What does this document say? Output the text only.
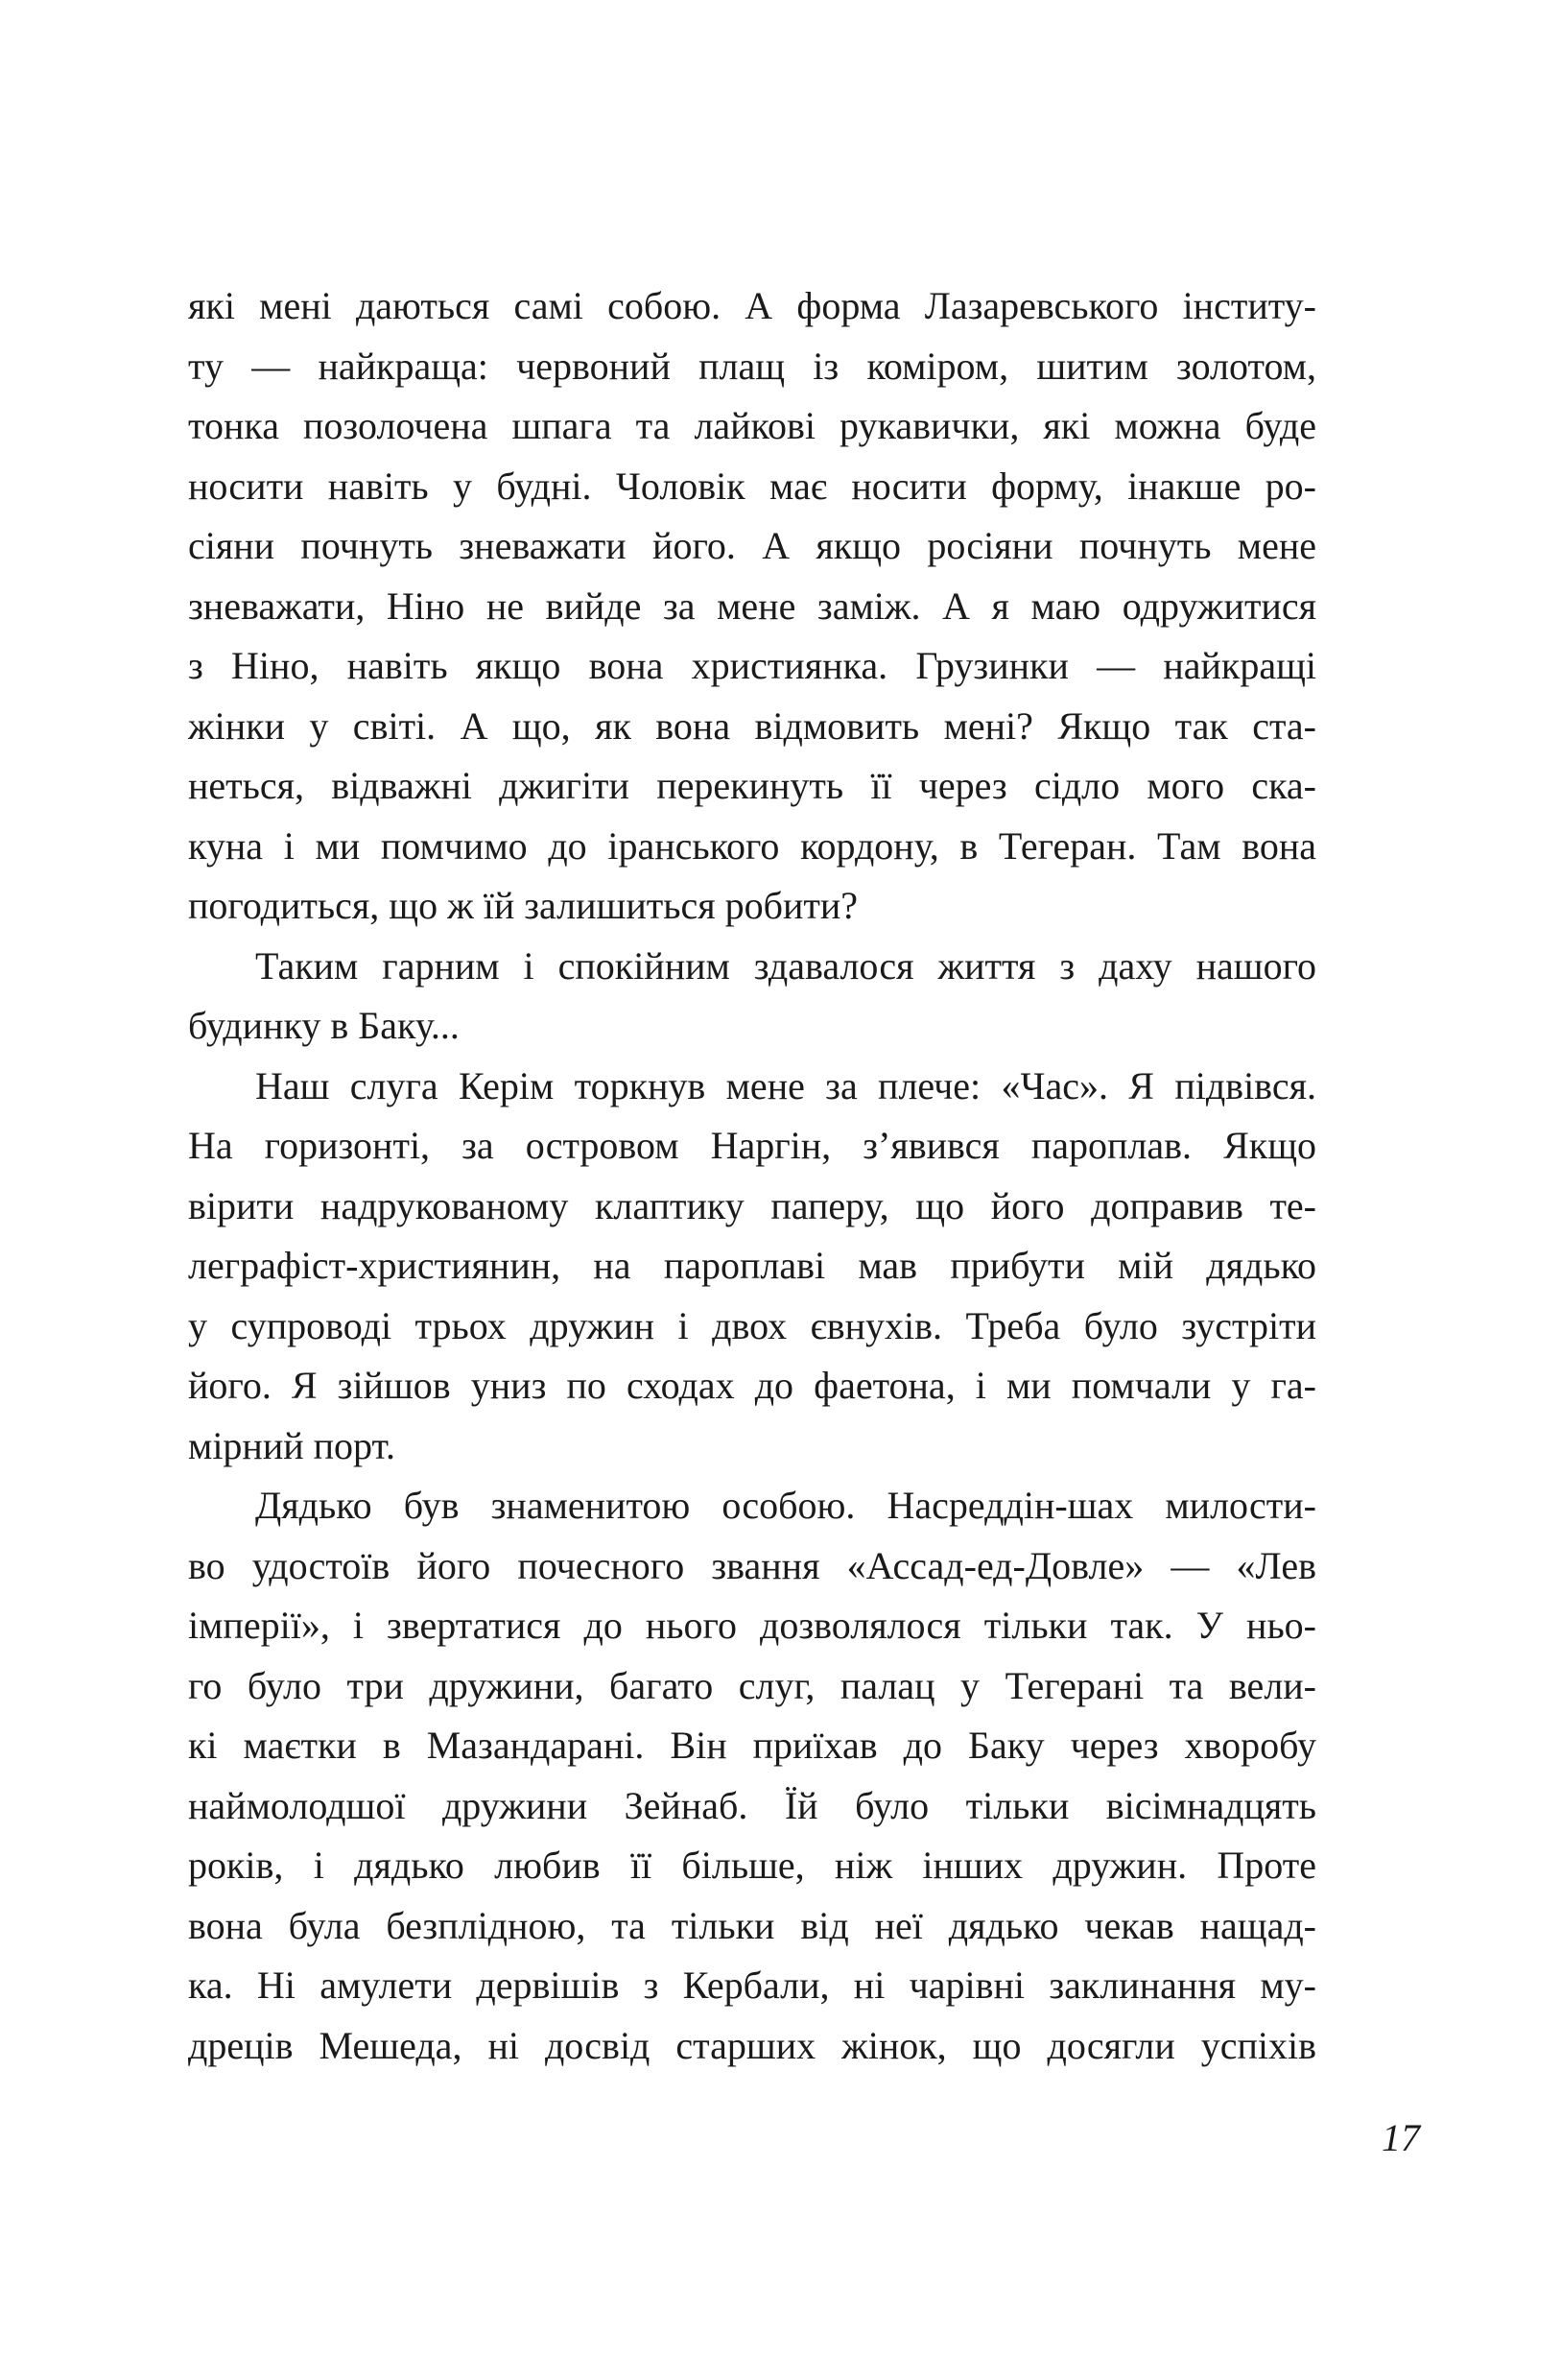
які мені даються самі собою. А форма Лазаревського інститу-
ту — найкраща: червоний плащ із коміром, шитим золотом,
тонка позолочена шпага та лайкові рукавички, які можна буде
носити навіть у будні. Чоловік має носити форму, інакше ро-
сіяни почнуть зневажати його. А якщо росіяни почнуть мене
зневажати, Ніно не вийде за мене заміж. А я маю одружитися
з Ніно, навіть якщо вона християнка. Грузинки — найкращі
жінки у світі. А що, як вона відмовить мені? Якщо так ста-
неться, відважні джигіти перекинуть її через сідло мого ска-
куна і ми помчимо до іранського кордону, в Тегеран. Там вона
погодиться, що ж їй залишиться робити?
Таким гарним і спокійним здавалося життя з даху нашого
будинку в Баку...
Наш слуга Керім торкнув мене за плече: «Час». Я підвівся.
На горизонті, за островом Наргін, з’явився пароплав. Якщо
вірити надрукованому клаптику паперу, що його доправив те-
леграфіст-християнин, на пароплаві мав прибути мій дядько
у супроводі трьох дружин і двох євнухів. Треба було зустріти
його. Я зійшов униз по сходах до фаетона, і ми помчали у га-
мірний порт.
Дядько був знаменитою особою. Насреддін-шах милости-
во удостоїв його почесного звання «Ассад-ед-Довле» — «Лев
імперії», і звертатися до нього дозволялося тільки так. У ньо-
го було три дружини, багато слуг, палац у Тегерані та вели-
кі маєтки в Мазандарані. Він приїхав до Баку через хворобу
наймолодшої дружини Зейнаб. Їй було тільки вісімнадцять
років, і дядько любив її більше, ніж інших дружин. Проте
вона була безплідною, та тільки від неї дядько чекав нащад-
ка. Ні амулети дервішів з Кербали, ні чарівні заклинання му-
дреців Мешеда, ні досвід старших жінок, що досягли успіхів
17
